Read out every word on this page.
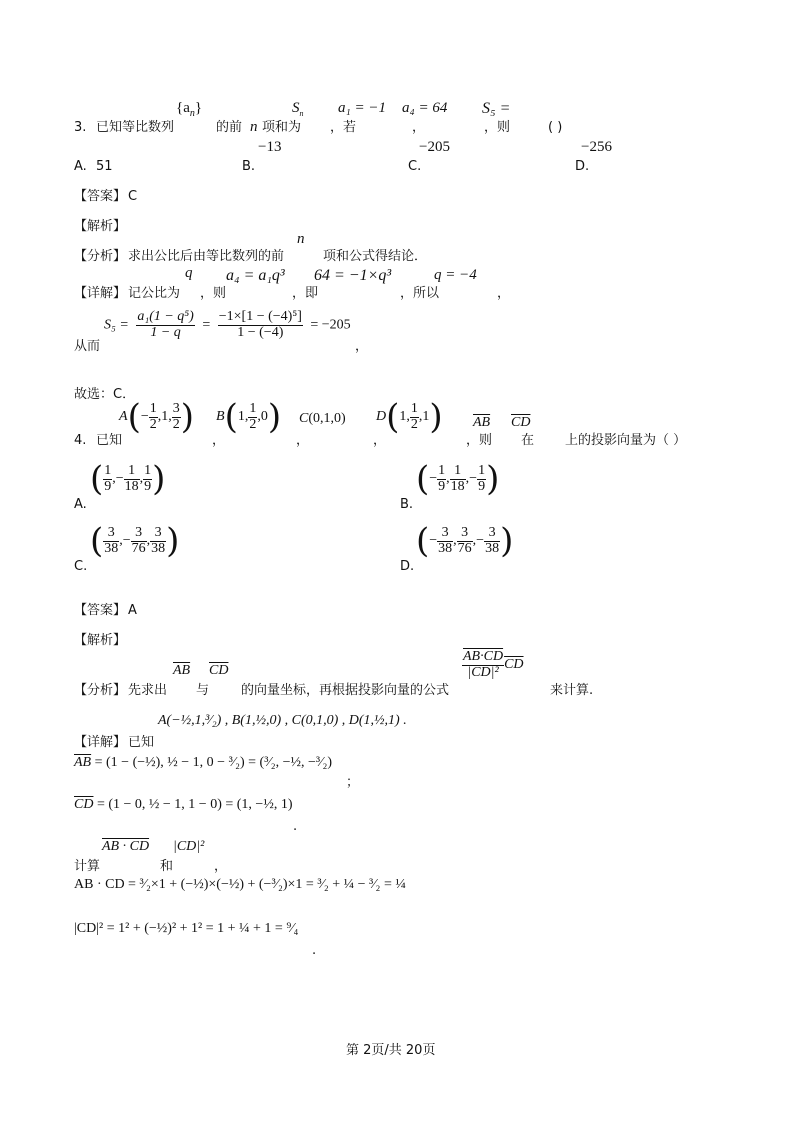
$\{a_n\}$	$S_n$ a₁ = −1 a₄ = 64 S₅ =
3. 已知等比数列	的前 n 项和为 ，若	，	，则	( )
−13	−205	−256
A. 51	B.	C.	D.
【答案】 C
【解析】
n
【分析】 求出公比后由等比数列的前	项和公式得结论．
q a₄ = a₁q³ 64 = −1×q³	q = −4
【详解】 记公比为 ，则	，即	，所以	，
$S_5 = \frac{\text{a₁(1 − q⁵)}}{1 - q} = \frac{\text{−1×[1 − (−4)⁵]}}{1 - (-4)} = -205$
从而	，
故选：C．
$A(- \frac{1}{2} ,1$, $\frac{3}{2}$ ) B(1, $\frac{1}{2} ,0$) C(0,1,0) D(1, $\frac{1}{2} ,1$) $\overline{AB}$ $\overline{CD}$
4. 已知	，	，	，	，则 在 上的投影向量为（ ）
( $\frac{1}{9}$ ,− $\frac{1}{18}$ , $\frac{1}{9}$ )
A.
(− $\frac{1}{9}$ , $\frac{1}{18}$ ,− $\frac{1}{9}$ )
B.
( $\frac{3}{38}$ ,− $\frac{3}{76}$ , $\frac{3}{38}$ )
C.
(− $\frac{3}{38}$ , $\frac{3}{76}$ ,− $\frac{3}{38}$ )
D.
【答案】 A
【解析】
$\overline{AB}$ $\overline{CD}$	$\frac{AB\cdot CD}{\text{|CD|²}} \overline{CD}$
【分析】 先求出 与 的向量坐标，再根据投影向量的公式	来计算.
A(−½,1,³⁄₂) , B(1,½,0) , C(0,1,0) , D(1,½,1) .
【详解】 已知
$\overline{AB} = (1$ − (−½), ½ − 1, 0 − ³⁄₂) = (³⁄₂, −½, −³⁄₂)
；
$\overline{CD} = (1 - 0$, ½ − 1, 1 − 0) = (1, −½, 1)
.
AB · CD |CD|²
计算	和	，
AB · CD = ³⁄₂×1 + (−½)×(−½) + (−³⁄₂)×1 = ³⁄₂ + ¼ − ³⁄₂ = ¼
|CD|² = 1² + (−½)² + 1² = 1 + ¼ + 1 = ⁹⁄₄
.
第 2页/共 20页
